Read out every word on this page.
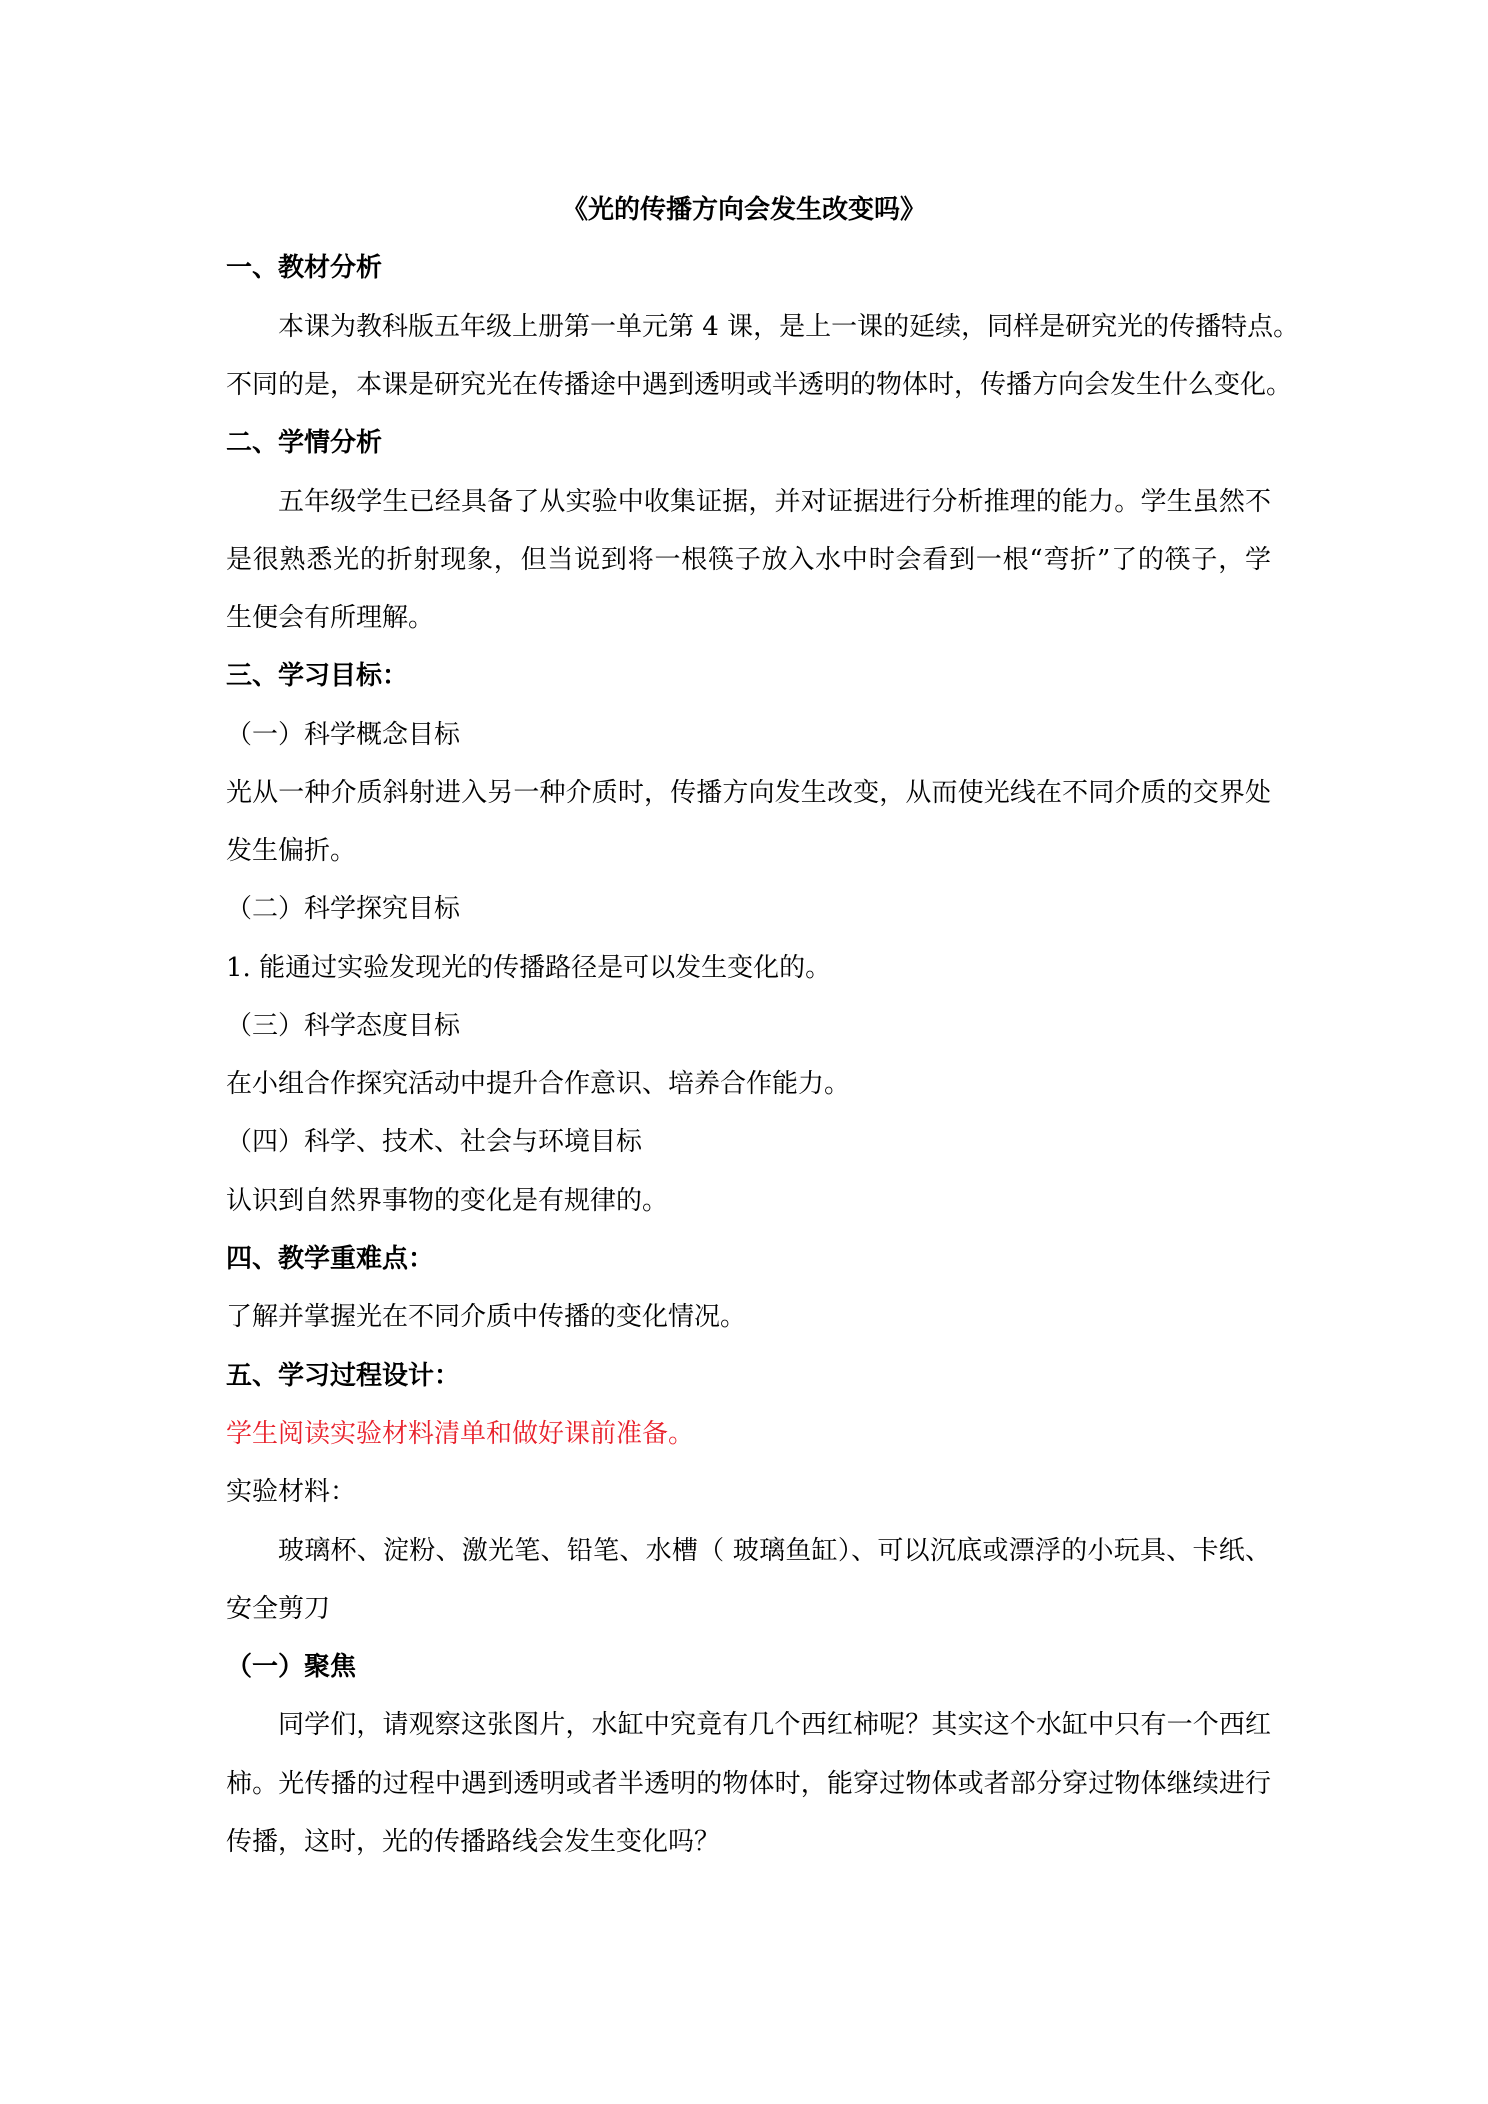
《光的传播方向会发生改变吗》
一、教材分析
本课为教科版五年级上册第一单元第 4 课，是上一课的延续，同样是研究光的传播特点。
不同的是，本课是研究光在传播途中遇到透明或半透明的物体时，传播方向会发生什么变化。
二、学情分析
五年级学生已经具备了从实验中收集证据，并对证据进行分析推理的能力。学生虽然不
是很熟悉光的折射现象，但当说到将一根筷子放入水中时会看到一根“弯折”了的筷子，学
生便会有所理解。
三、学习目标：
（一）科学概念目标
光从一种介质斜射进入另一种介质时，传播方向发生改变，从而使光线在不同介质的交界处
发生偏折。
（二）科学探究目标
1. 能通过实验发现光的传播路径是可以发生变化的。
（三）科学态度目标
在小组合作探究活动中提升合作意识、培养合作能力。
（四）科学、技术、社会与环境目标
认识到自然界事物的变化是有规律的。
四、教学重难点：
了解并掌握光在不同介质中传播的变化情况。
五、学习过程设计：
学生阅读实验材料清单和做好课前准备。
实验材料：
玻璃杯、淀粉、激光笔、铅笔、水槽（ 玻璃鱼缸）、可以沉底或漂浮的小玩具、卡纸、
安全剪刀
（一）聚焦
同学们，请观察这张图片，水缸中究竟有几个西红柿呢？其实这个水缸中只有一个西红
柿。光传播的过程中遇到透明或者半透明的物体时，能穿过物体或者部分穿过物体继续进行
传播，这时，光的传播路线会发生变化吗？
